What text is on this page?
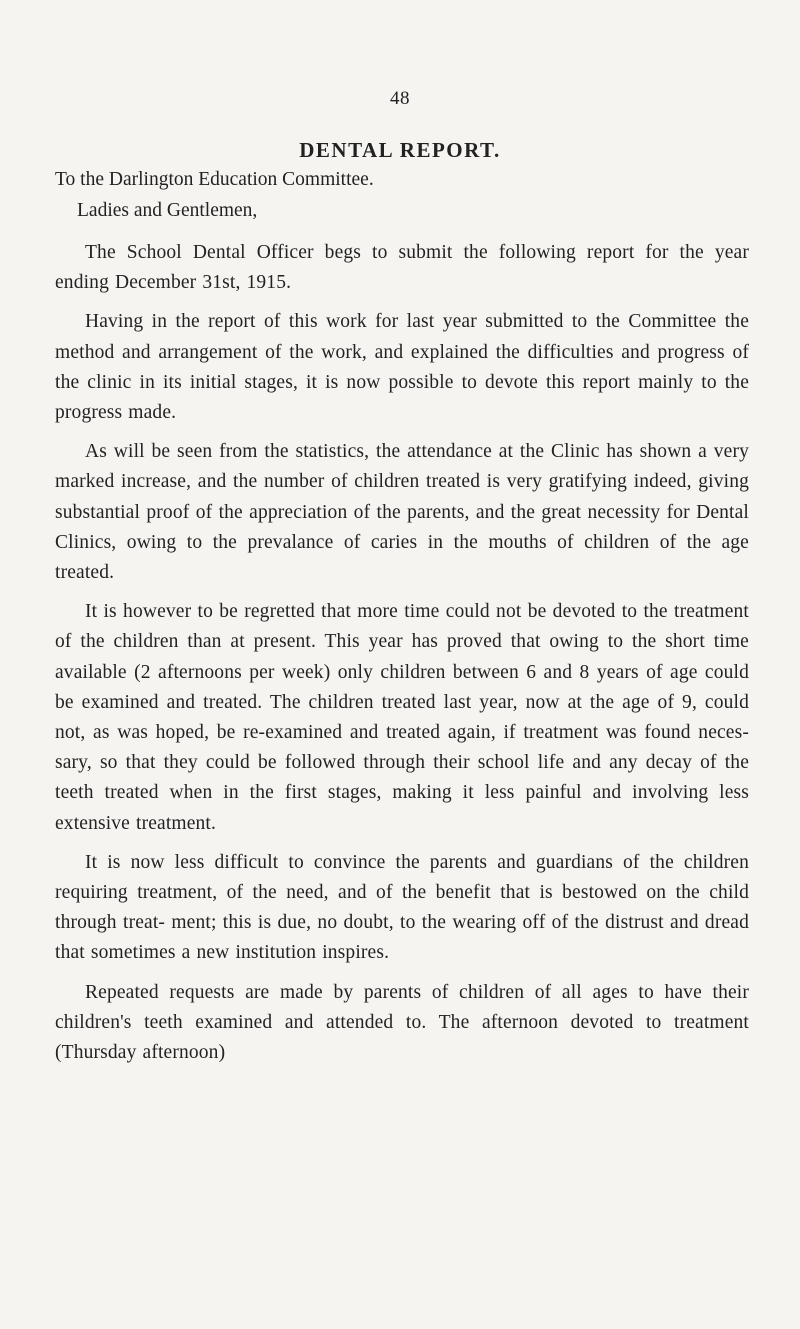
48
DENTAL REPORT.

To the Darlington Education Committee.

Ladies and Gentlemen,

The School Dental Officer begs to submit the following report for the year ending December 31st, 1915.

Having in the report of this work for last year submitted to the Committee the method and arrangement of the work, and explained the difficulties and progress of the clinic in its initial stages, it is now possible to devote this report mainly to the progress made.

As will be seen from the statistics, the attendance at the Clinic has shown a very marked increase, and the number of children treated is very gratifying indeed, giving substantial proof of the appreciation of the parents, and the great necessity for Dental Clinics, owing to the prevalance of caries in the mouths of children of the age treated.

It is however to be regretted that more time could not be devoted to the treatment of the children than at present. This year has proved that owing to the short time available (2 afternoons per week) only children between 6 and 8 years of age could be examined and treated. The children treated last year, now at the age of 9, could not, as was hoped, be re-examined and treated again, if treatment was found neces- sary, so that they could be followed through their school life and any decay of the teeth treated when in the first stages, making it less painful and involving less extensive treatment.

It is now less difficult to convince the parents and guardians of the children requiring treatment, of the need, and of the benefit that is bestowed on the child through treat- ment; this is due, no doubt, to the wearing off of the distrust and dread that sometimes a new institution inspires.

Repeated requests are made by parents of children of all ages to have their children's teeth examined and attended to. The afternoon devoted to treatment (Thursday afternoon)
